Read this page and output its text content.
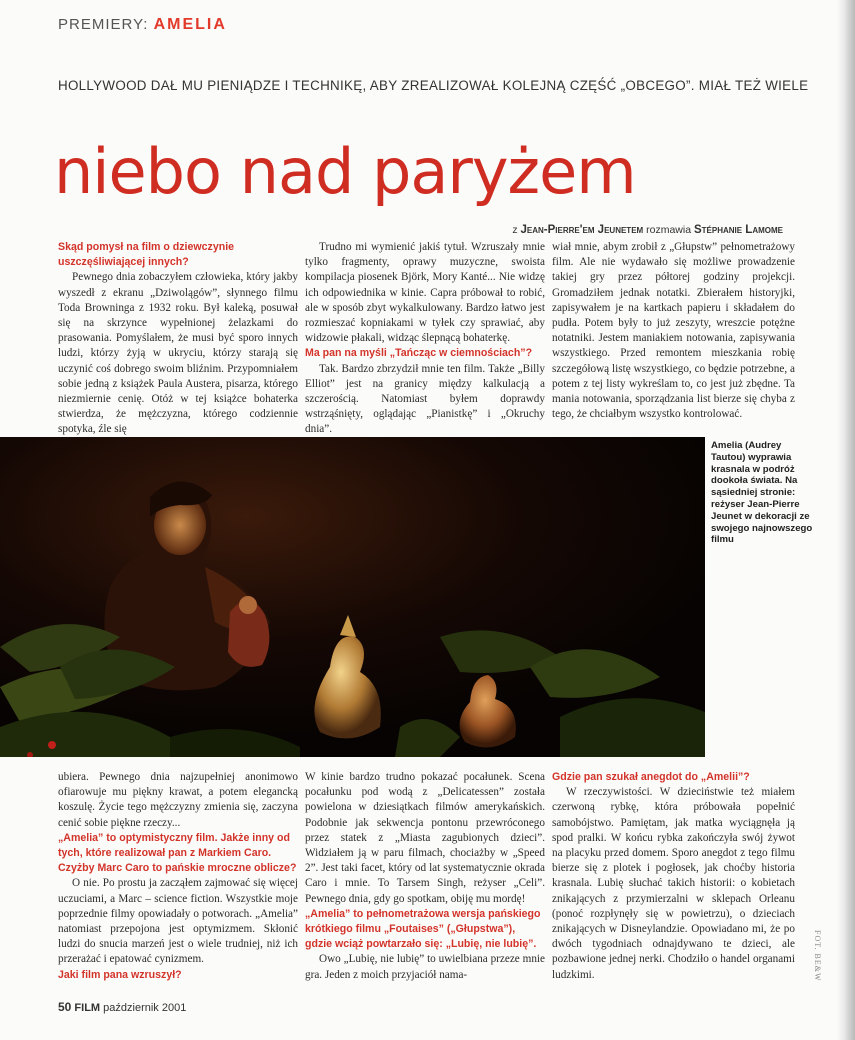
PREMIERY: AMELIA
HOLLYWOOD DAŁ MU PIENIĄDZE I TECHNIKĘ, ABY ZREALIZOWAŁ KOLEJNĄ CZĘŚĆ „OBCEGO”. MIAŁ TEŻ WIELE
niebo nad paryżem
z Jean-Pierre'em Jeunetem rozmawia Stéphanie Lamome

Skąd pomysł na film o dziewczynie uszczęśliwiającej innych?

Pewnego dnia zobaczyłem człowieka, który jakby wyszedł z ekranu „Dziwolągów”, słynnego filmu Toda Browninga z 1932 roku. Był kaleką, posuwał się na skrzynce wypełnionej żelazkami do prasowania. Pomyślałem, że musi być sporo innych ludzi, którzy żyją w ukryciu, którzy starają się uczynić coś dobrego swoim bliźnim. Przypomniałem sobie jedną z książek Paula Austera, pisarza, którego niezmiernie cenię. Otóż w tej książce bohaterka stwierdza, że mężczyzna, którego codziennie spotyka, źle się

Trudno mi wymienić jakiś tytuł. Wzruszały mnie tylko fragmenty, oprawy muzyczne, swoista kompilacja piosenek Björk, Mory Kanté... Nie widzę ich odpowiednika w kinie. Capra próbował to robić, ale w sposób zbyt wykalkulowany. Bardzo łatwo jest rozmieszać kopniakami w tyłek czy sprawiać, aby widzowie płakali, widząc ślepnącą bohaterkę.

Ma pan na myśli „Tańcząc w ciemnościach”?

Tak. Bardzo zbrzydził mnie ten film. Także „Billy Elliot” jest na granicy między kalkulacją a szczerością. Natomiast byłem doprawdy wstrząśnięty, oglądając „Pianistkę” i „Okruchy dnia”.

wiał mnie, abym zrobił z „Głupstw” pełnometrażowy film. Ale nie wydawało się możliwe prowadzenie takiej gry przez półtorej godziny projekcji. Gromadziłem jednak notatki. Zbierałem historyjki, zapisywałem je na kartkach papieru i składałem do pudła. Potem były to już zeszyty, wreszcie potężne notatniki. Jestem maniakiem notowania, zapisywania wszystkiego. Przed remontem mieszkania robię szczegółową listę wszystkiego, co będzie potrzebne, a potem z tej listy wykreślam to, co jest już zbędne. Ta mania notowania, sporządzania list bierze się chyba z tego, że chciałbym wszystko kontrolować.

Amelia (Audrey Tautou) wyprawia krasnala w podróż dookoła świata. Na sąsiedniej stronie: reżyser Jean-Pierre Jeunet w dekoracji ze swojego najnowszego filmu

ubiera. Pewnego dnia najzupełniej anonimowo ofiarowuje mu piękny krawat, a potem elegancką koszulę. Życie tego mężczyzny zmienia się, zaczyna cenić sobie piękne rzeczy...

„Amelia” to optymistyczny film. Jakże inny od tych, które realizował pan z Markiem Caro. Czyżby Marc Caro to pańskie mroczne oblicze?

O nie. Po prostu ja zacząłem zajmować się więcej uczuciami, a Marc – science fiction. Wszystkie moje poprzednie filmy opowiadały o potworach. „Amelia” natomiast przepojona jest optymizmem. Skłonić ludzi do snucia marzeń jest o wiele trudniej, niż ich przerażać i epatować cynizmem.

Jaki film pana wzruszył?

W kinie bardzo trudno pokazać pocałunek. Scena pocałunku pod wodą z „Delicatessen” została powielona w dziesiątkach filmów amerykańskich. Podobnie jak sekwencja pontonu przewróconego przez statek z „Miasta zagubionych dzieci”. Widziałem ją w paru filmach, chociażby w „Speed 2”. Jest taki facet, który od lat systematycznie okrada Caro i mnie. To Tarsem Singh, reżyser „Celi”. Pewnego dnia, gdy go spotkam, obiję mu mordę!

„Amelia” to pełnometrażowa wersja pańskiego krótkiego filmu „Foutaises” („Głupstwa”), gdzie wciąż powtarzało się: „Lubię, nie lubię”.

Owo „Lubię, nie lubię” to uwielbiana przeze mnie gra. Jeden z moich przyjaciół nama-

Gdzie pan szukał anegdot do „Amelii”?

W rzeczywistości. W dzieciństwie też miałem czerwoną rybkę, która próbowała popełnić samobójstwo. Pamiętam, jak matka wyciągnęła ją spod pralki. W końcu rybka zakończyła swój żywot na placyku przed domem. Sporo anegdot z tego filmu bierze się z plotek i pogłosek, jak choćby historia krasnala. Lubię słuchać takich historii: o kobietach znikających z przymierzalni w sklepach Orleanu (ponoć rozpłynęły się w powietrzu), o dzieciach znikających w Disneylandzie. Opowiadano mi, że po dwóch tygodniach odnajdywano te dzieci, ale pozbawione jednej nerki. Chodziło o handel organami ludzkimi.	FOT. BE&W
50 FILM październik 2001
